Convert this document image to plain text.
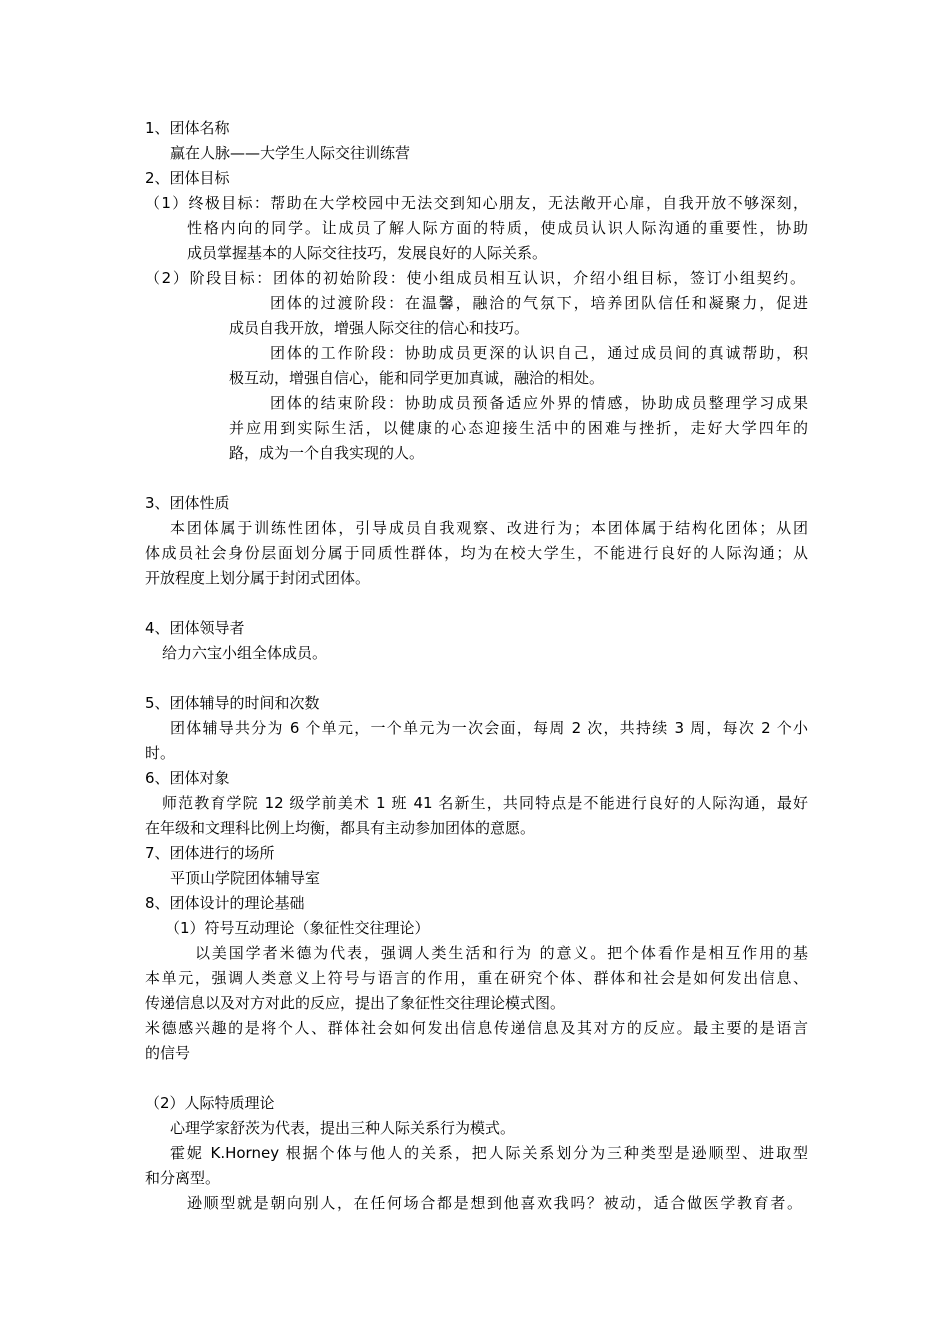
1、团体名称
赢在人脉——大学生人际交往训练营
2、团体目标
（1）终极目标：帮助在大学校园中无法交到知心朋友，无法敞开心扉，自我开放不够深刻，
性格内向的同学。让成员了解人际方面的特质，使成员认识人际沟通的重要性，协助
成员掌握基本的人际交往技巧，发展良好的人际关系。
（2）阶段目标：团体的初始阶段：使小组成员相互认识，介绍小组目标，签订小组契约。
团体的过渡阶段：在温馨，融洽的气氛下，培养团队信任和凝聚力，促进
成员自我开放，增强人际交往的信心和技巧。
团体的工作阶段：协助成员更深的认识自己，通过成员间的真诚帮助，积
极互动，增强自信心，能和同学更加真诚，融洽的相处。
团体的结束阶段：协助成员预备适应外界的情感，协助成员整理学习成果
并应用到实际生活，以健康的心态迎接生活中的困难与挫折，走好大学四年的
路，成为一个自我实现的人。
3、团体性质
本团体属于训练性团体，引导成员自我观察、改进行为；本团体属于结构化团体；从团
体成员社会身份层面划分属于同质性群体，均为在校大学生，不能进行良好的人际沟通；从
开放程度上划分属于封闭式团体。
4、团体领导者
给力六宝小组全体成员。
5、团体辅导的时间和次数
团体辅导共分为 6 个单元，一个单元为一次会面，每周 2 次，共持续 3 周，每次 2 个小
时。
6、团体对象
师范教育学院 12 级学前美术 1 班 41 名新生，共同特点是不能进行良好的人际沟通，最好
在年级和文理科比例上均衡，都具有主动参加团体的意愿。
7、团体进行的场所
平顶山学院团体辅导室
8、团体设计的理论基础
（1）符号互动理论（象征性交往理论）
以美国学者米德为代表，强调人类生活和行为 的意义。把个体看作是相互作用的基
本单元，强调人类意义上符号与语言的作用，重在研究个体、群体和社会是如何发出信息、
传递信息以及对方对此的反应，提出了象征性交往理论模式图。
米德感兴趣的是将个人、群体社会如何发出信息传递信息及其对方的反应。最主要的是语言
的信号
（2）人际特质理论
心理学家舒茨为代表，提出三种人际关系行为模式。
霍妮 K.Horney 根据个体与他人的关系，把人际关系划分为三种类型是逊顺型、进取型
和分离型。
逊顺型就是朝向别人，在任何场合都是想到他喜欢我吗？被动，适合做医学教育者。
